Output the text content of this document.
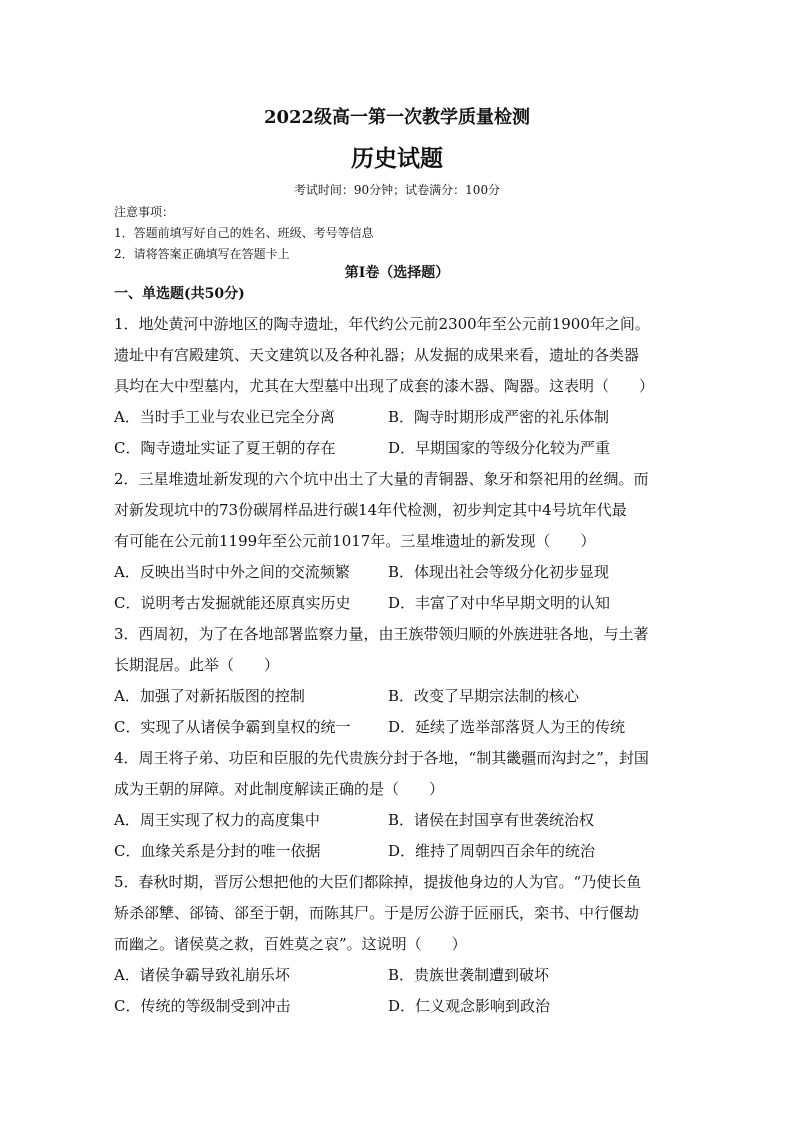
2022级高一第一次教学质量检测
历史试题
考试时间：90分钟；试卷满分：100分
注意事项：
1．答题前填写好自己的姓名、班级、考号等信息
2．请将答案正确填写在答题卡上
第I卷（选择题）
一、单选题(共50分)
1．地处黄河中游地区的陶寺遗址，年代约公元前2300年至公元前1900年之间。
遗址中有宫殿建筑、天文建筑以及各种礼器；从发掘的成果来看，遗址的各类器
具均在大中型墓内，尤其在大型墓中出现了成套的漆木器、陶器。这表明（　　）
A．当时手工业与农业已完全分离	B．陶寺时期形成严密的礼乐体制
C．陶寺遗址实证了夏王朝的存在	D．早期国家的等级分化较为严重
2．三星堆遗址新发现的六个坑中出土了大量的青铜器、象牙和祭祀用的丝绸。而
对新发现坑中的73份碳屑样品进行碳14年代检测，初步判定其中4号坑年代最
有可能在公元前1199年至公元前1017年。三星堆遗址的新发现（　　）
A．反映出当时中外之间的交流频繁	B．体现出社会等级分化初步显现
C．说明考古发掘就能还原真实历史	D．丰富了对中华早期文明的认知
3．西周初，为了在各地部署监察力量，由王族带领归顺的外族进驻各地，与土著
长期混居。此举（　　）
A．加强了对新拓版图的控制	B．改变了早期宗法制的核心
C．实现了从诸侯争霸到皇权的统一	D．延续了选举部落贤人为王的传统
4．周王将子弟、功臣和臣服的先代贵族分封于各地，“制其畿疆而沟封之”，封国
成为王朝的屏障。对此制度解读正确的是（　　）
A．周王实现了权力的高度集中	B．诸侯在封国享有世袭统治权
C．血缘关系是分封的唯一依据	D．维持了周朝四百余年的统治
5．春秋时期，晋厉公想把他的大臣们都除掉，提拔他身边的人为官。“乃使长鱼
矫杀郤犨、郤锜、郤至于朝，而陈其尸。于是厉公游于匠丽氏，栾书、中行偃劫
而幽之。诸侯莫之救，百姓莫之哀”。这说明（　　）
A．诸侯争霸导致礼崩乐坏	B．贵族世袭制遭到破坏
C．传统的等级制受到冲击	D．仁义观念影响到政治
